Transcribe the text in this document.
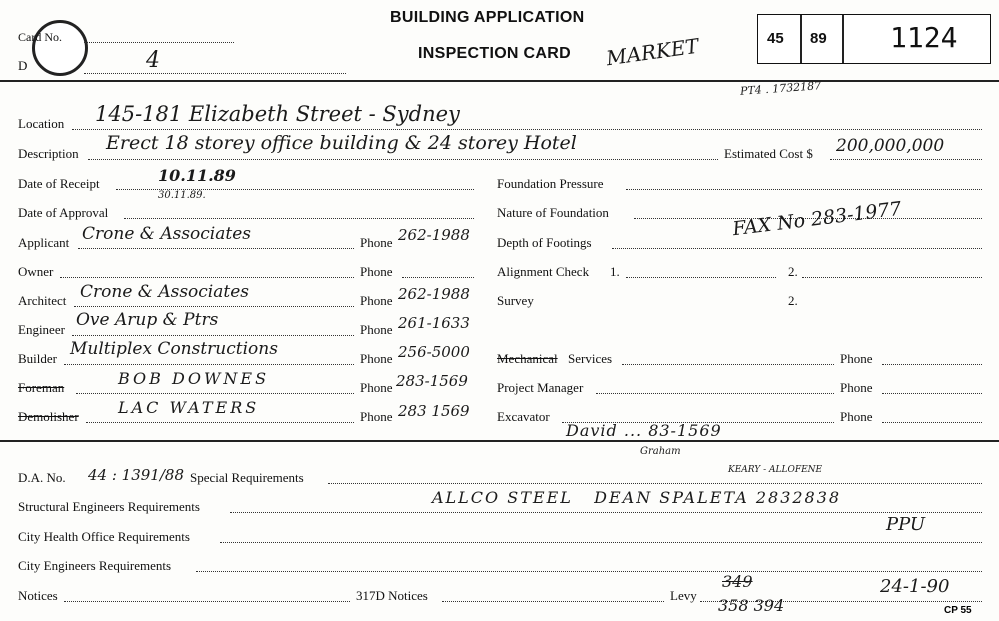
Card No.
D	4
BUILDING APPLICATION
INSPECTION CARD MARKET	45 89 1124
PT4 . 1732187
Location 145-181 Elizabeth Street - Sydney
Description Erect 18 storey office building & 24 storey Hotel	Estimated Cost $ 200,000,000
Date of Receipt	10.11.89
30.11.89.
Date of Approval
Applicant Crone & Associates	Phone 262-1988
Owner	Phone
Architect Crone & Associates	Phone 262-1988
Engineer Ove Arup & Ptrs	Phone 261-1633
Builder Multiplex Constructions	Phone 256-5000
Foreman	BOB DOWNES	Phone 283-1569
Demolisher LAC WATERS	Phone 283 1569
Foundation Pressure
Nature of Foundation
Depth of Footings
FAX No 283-1977
Alignment Check 1.	2.
Survey	2.
Mechanical Services	Phone
Project Manager	Phone
Excavator	Phone
David ... 83-1569
Graham
D.A. No. 44 : 1391/88 Special Requirements	KEARY - ALLOFENE
Structural Engineers Requirements	ALLCO STEEL   DEAN SPALETA 2832838
City Health Office Requirements
PPU
City Engineers Requirements
Notices	317D Notices	Levy
349
358 394
24-1-90
CP 55
